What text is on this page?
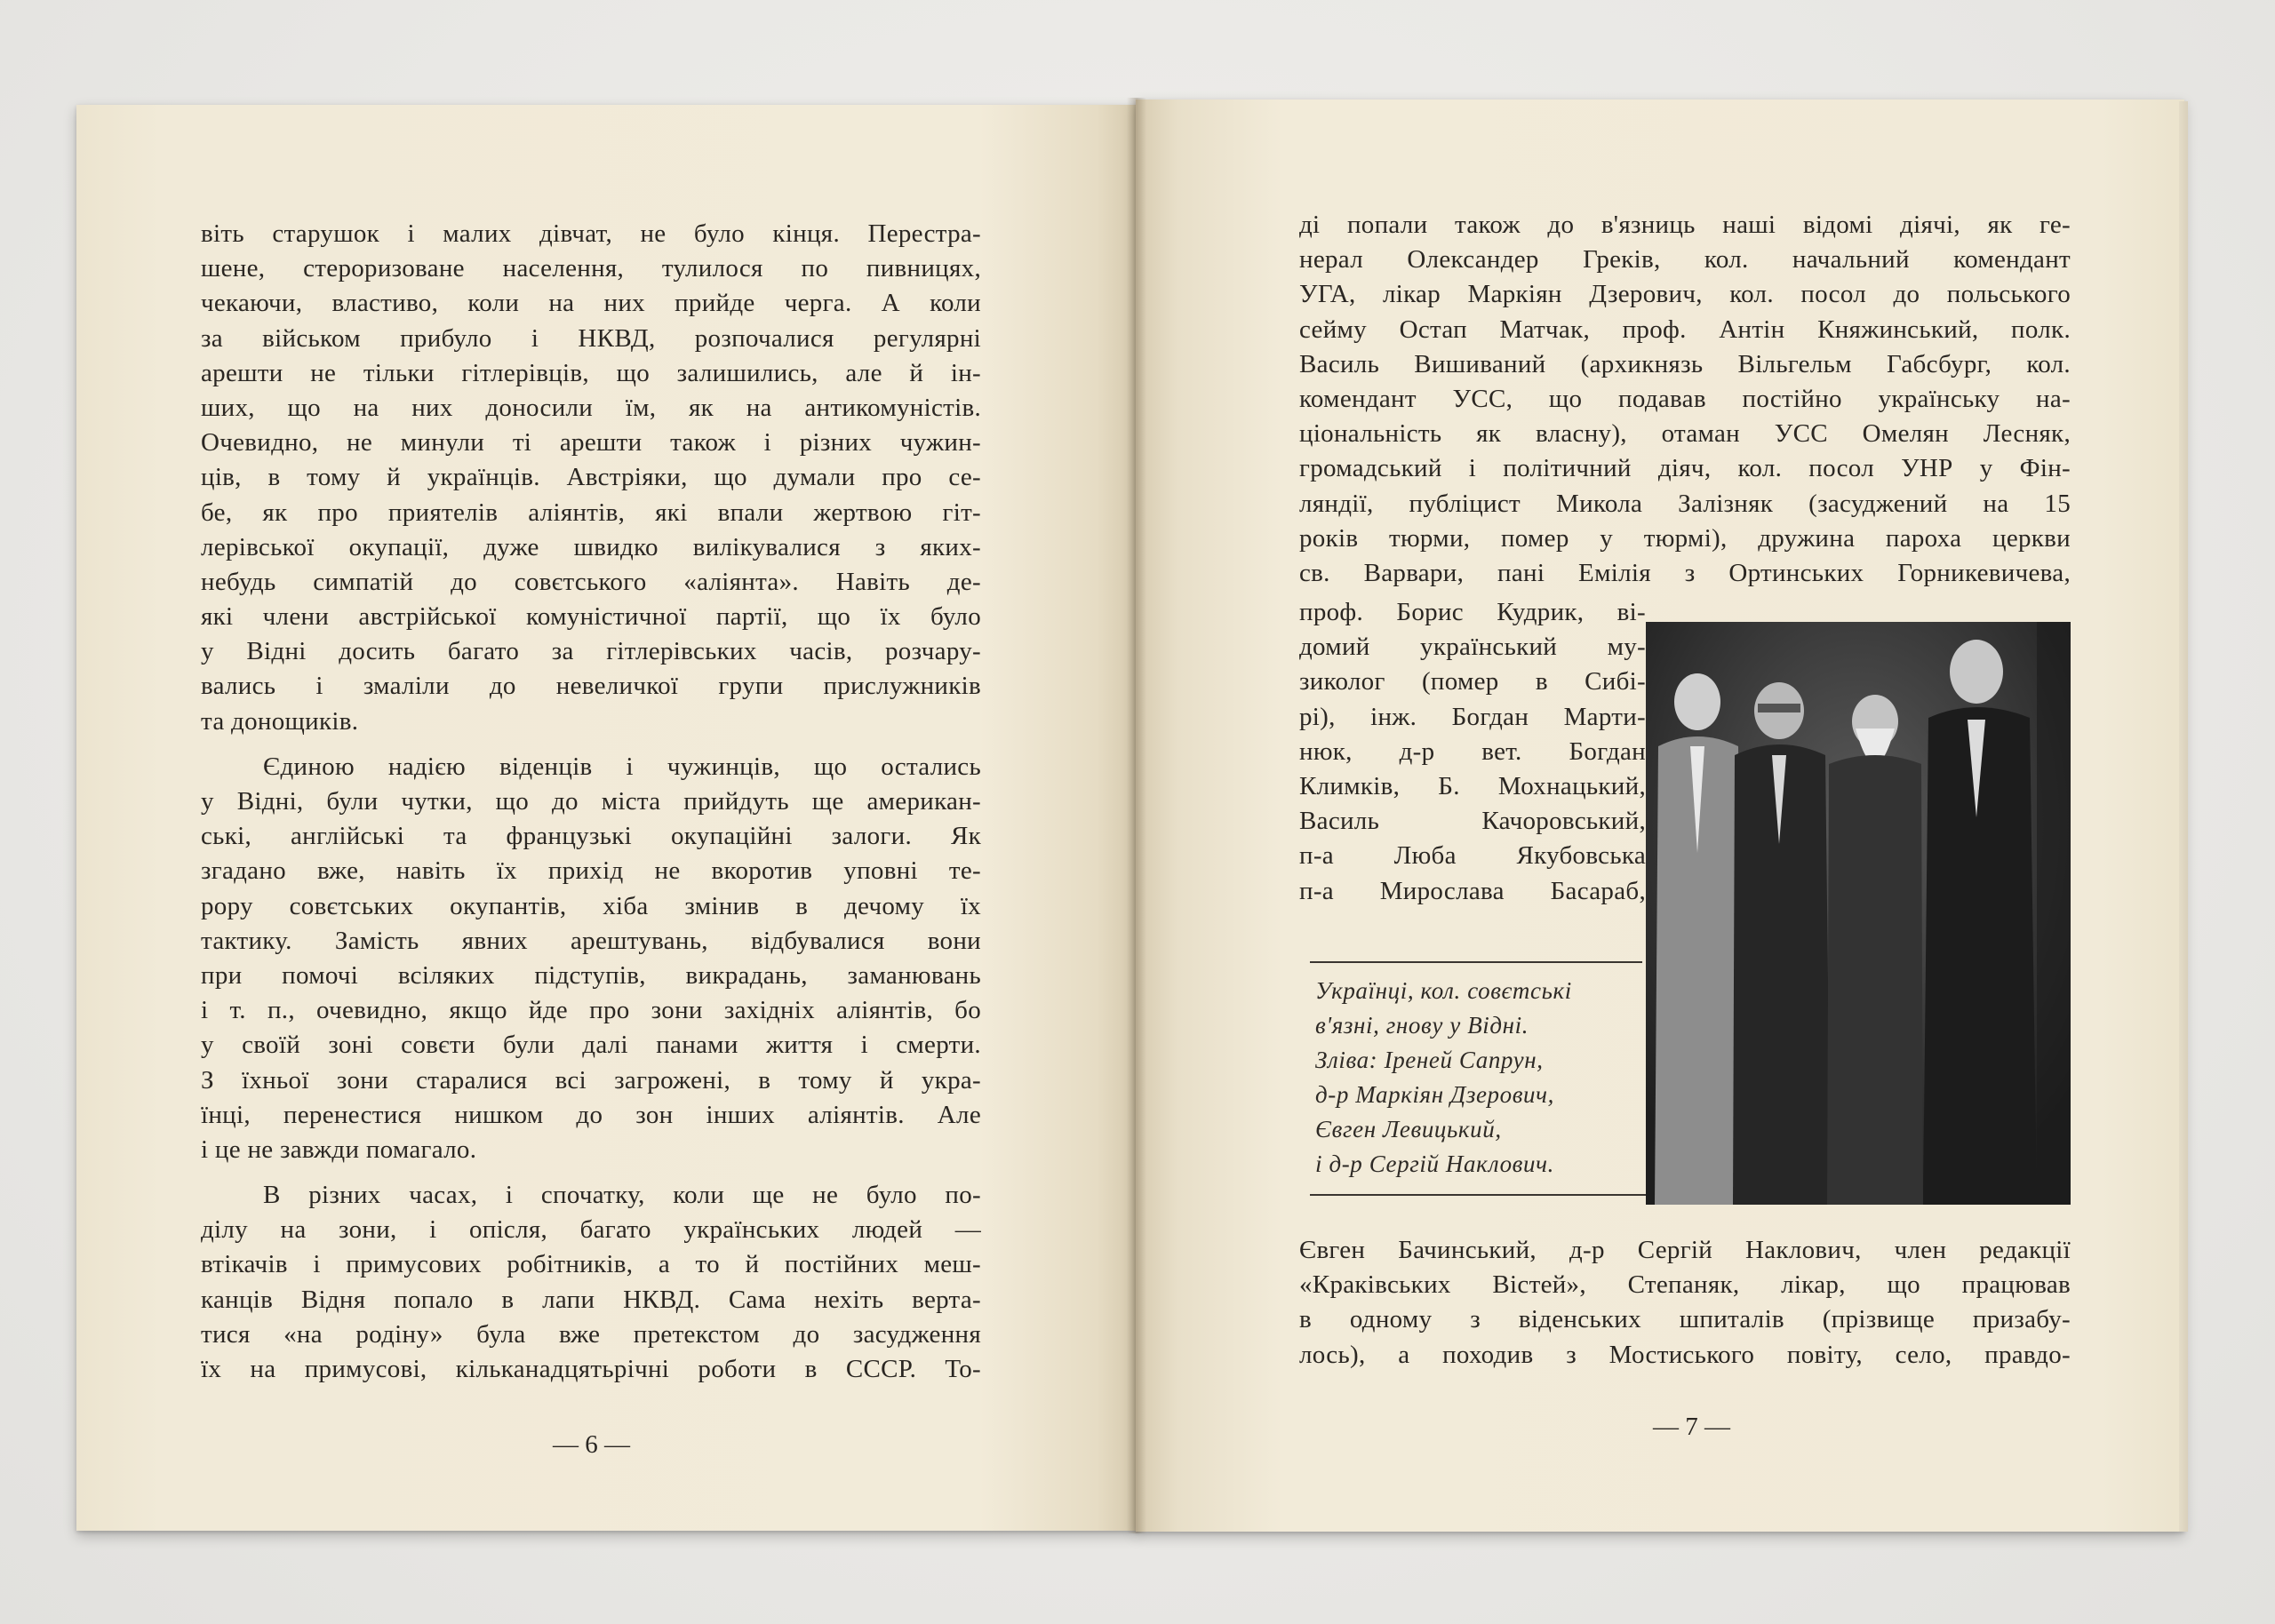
віть старушок і малих дівчат, не було кінця. Перестра-
шене, стероризоване населення, тулилося по пивницях,
чекаючи, властиво, коли на них прийде черга. А коли
за військом прибуло і НКВД, розпочалися регулярні
арешти не тільки гітлерівців, що залишились, але й ін-
ших, що на них доносили їм, як на антикомуністів.
Очевидно, не минули ті арешти також і різних чужин-
ців, в тому й українців. Австріяки, що думали про се-
бе, як про приятелів аліянтів, які впали жертвою гіт-
лерівської окупації, дуже швидко вилікувалися з яких-
небудь симпатій до совєтського «аліянта». Навіть де-
які члени австрійської комуністичної партії, що їх було
у Відні досить багато за гітлерівських часів, розчару-
вались і змаліли до невеличкої групи прислужників
та донощиків.
Єдиною надією віденців і чужинців, що остались
у Відні, були чутки, що до міста прийдуть ще американ-
ські, англійські та французькі окупаційні залоги. Як
згадано вже, навіть їх прихід не вкоротив уповні те-
рору совєтських окупантів, хіба змінив в дечому їх
тактику. Замість явних арештувань, відбувалися вони
при помочі всіляких підступів, викрадань, заманювань
і т. п., очевидно, якщо йде про зони західніх аліянтів, бо
у своїй зоні совєти були далі панами життя і смерти.
З їхньої зони старалися всі загрожені, в тому й укра-
їнці, перенестися нишком до зон інших аліянтів. Але
і це не завжди помагало.
В різних часах, і спочатку, коли ще не було по-
ділу на зони, і опісля, багато українських людей —
втікачів і примусових робітників, а то й постійних меш-
канців Відня попало в лапи НКВД. Сама нехіть верта-
тися «на родіну» була вже претекстом до засудження
їх на примусові, кільканадцятьрічні роботи в СССР. То-
— 6 —
ді попали також до в'язниць наші відомі діячі, як ге-
нерал Олександер Греків, кол. начальний комендант
УГА, лікар Маркіян Дзерович, кол. посол до польського
сейму Остап Матчак, проф. Антін Княжинський, полк.
Василь Вишиваний (архикнязь Вільгельм Габсбург, кол.
комендант УСС, що подавав постійно українську на-
ціональність як власну), отаман УСС Омелян Лесняк,
громадський і політичний діяч, кол. посол УНР у Фін-
ляндії, публіцист Микола Залізняк (засуджений на 15
років тюрми, помер у тюрмі), дружина пароха церкви
св. Варвари, пані Емілія з Ортинських Горникевичева,
проф. Борис Кудрик, ві-
домий український му-
зиколог (помер в Сибі-
рі), інж. Богдан Марти-
нюк, д-р вет. Богдан
Климків, Б. Мохнацький,
Василь Качоровський,
п-а Люба Якубовська
п-а Мирослава Басараб,
Українці, кол. совєтські
в'язні, гнову у Відні.
Зліва: Іреней Сапрун,
д-р Маркіян Дзерович,
Євген Левицький,
і д-р Сергій Наклович.
Євген Бачинський, д-р Сергій Наклович, член редакції
«Краківських Вістей», Степаняк, лікар, що працював
в одному з віденських шпиталів (прізвище призабу-
лось), а походив з Мостиського повіту, село, правдо-
— 7 —
